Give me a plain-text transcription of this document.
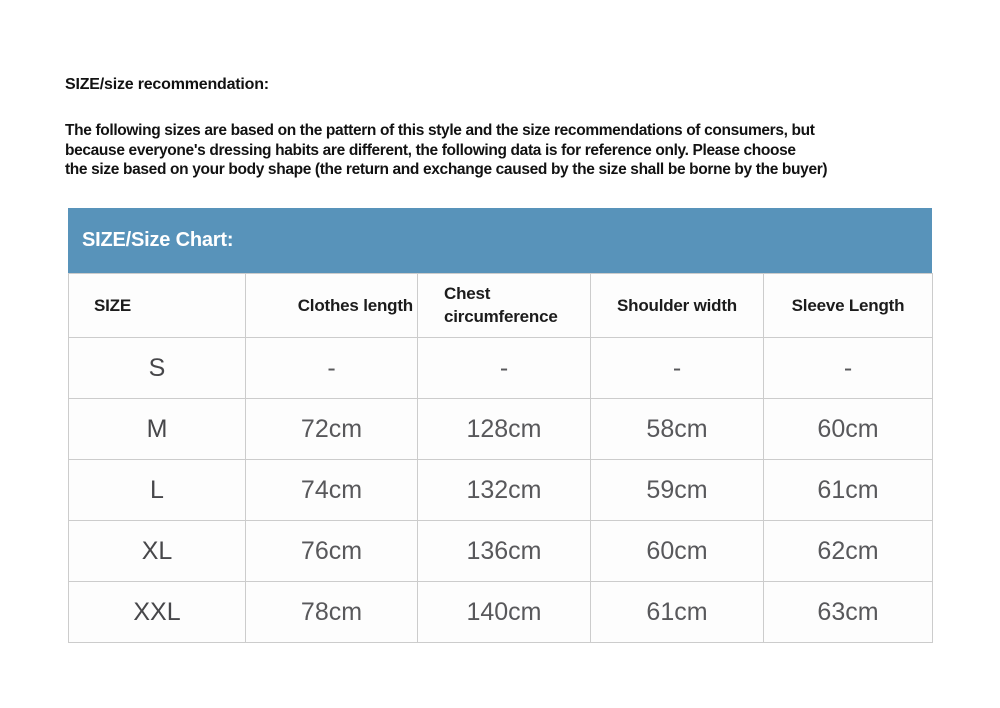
SIZE/size recommendation:
The following sizes are based on the pattern of this style and the size recommendations of consumers, but
because everyone's dressing habits are different, the following data is for reference only. Please choose
the size based on your body shape (the return and exchange caused by the size shall be borne by the buyer)
SIZE/Size Chart:
SIZE	Clothes length	Chest circumference	Shoulder width	Sleeve Length
S	-	-	-	-
M	72cm	128cm	58cm	60cm
L	74cm	132cm	59cm	61cm
XL	76cm	136cm	60cm	62cm
XXL	78cm	140cm	61cm	63cm
